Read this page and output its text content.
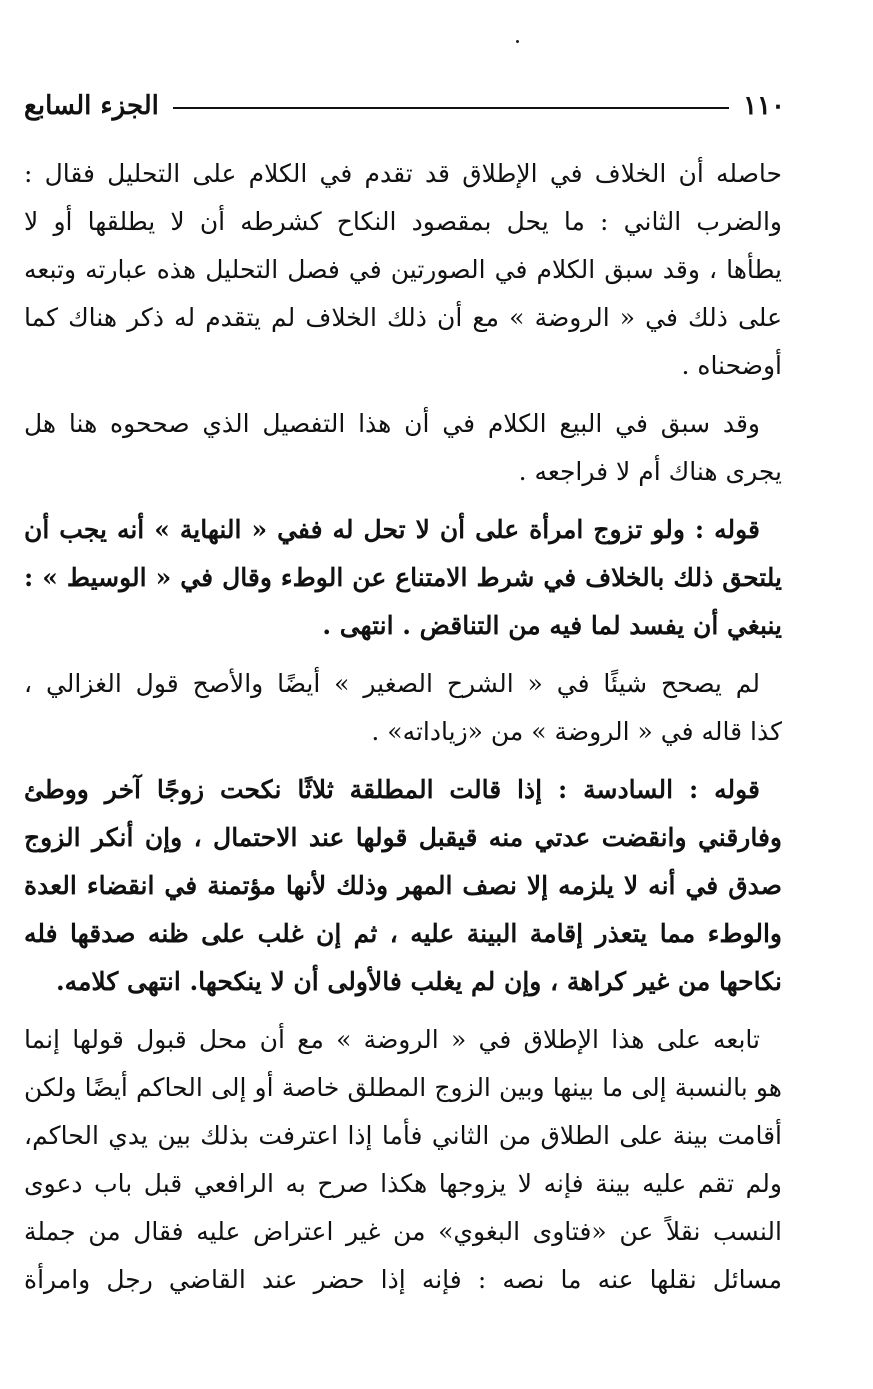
١١٠
الجزء السابع

حاصله أن الخلاف في الإطلاق قد تقدم في الكلام على التحليل فقال :
والضرب الثاني : ما يحل بمقصود النكاح كشرطه أن لا يطلقها أو لا
يطأها ، وقد سبق الكلام في الصورتين في فصل التحليل هذه عبارته وتبعه
على ذلك في « الروضة » مع أن ذلك الخلاف لم يتقدم له ذكر هناك كما
أوضحناه .

وقد سبق في البيع الكلام في أن هذا التفصيل الذي صححوه هنا هل
يجرى هناك أم لا فراجعه .

قوله : ولو تزوج امرأة على أن لا تحل له ففي « النهاية » أنه يجب أن
يلتحق ذلك بالخلاف في شرط الامتناع عن الوطء وقال في « الوسيط » :
ينبغي أن يفسد لما فيه من التناقض . انتهى .

لم يصحح شيئًا في « الشرح الصغير » أيضًا والأصح قول الغزالي ،
كذا قاله في « الروضة » من «زياداته» .

قوله : السادسة : إذا قالت المطلقة ثلاثًا نكحت زوجًا آخر ووطئ
وفارقني وانقضت عدتي منه قيقبل قولها عند الاحتمال ، وإن أنكر الزوج
صدق في أنه لا يلزمه إلا نصف المهر وذلك لأنها مؤتمنة في انقضاء العدة
والوطء مما يتعذر إقامة البينة عليه ، ثم إن غلب على ظنه صدقها فله
نكاحها من غير كراهة ، وإن لم يغلب فالأولى أن لا ينكحها. انتهى كلامه.

تابعه على هذا الإطلاق في « الروضة » مع أن محل قبول قولها إنما
هو بالنسبة إلى ما بينها وبين الزوج المطلق خاصة أو إلى الحاكم أيضًا ولكن
أقامت بينة على الطلاق من الثاني فأما إذا اعترفت بذلك بين يدي الحاكم،
ولم تقم عليه بينة فإنه لا يزوجها هكذا صرح به الرافعي قبل باب دعوى
النسب نقلاً عن «فتاوى البغوي» من غير اعتراض عليه فقال من جملة
مسائل نقلها عنه ما نصه : فإنه إذا حضر عند القاضي رجل وامرأة
